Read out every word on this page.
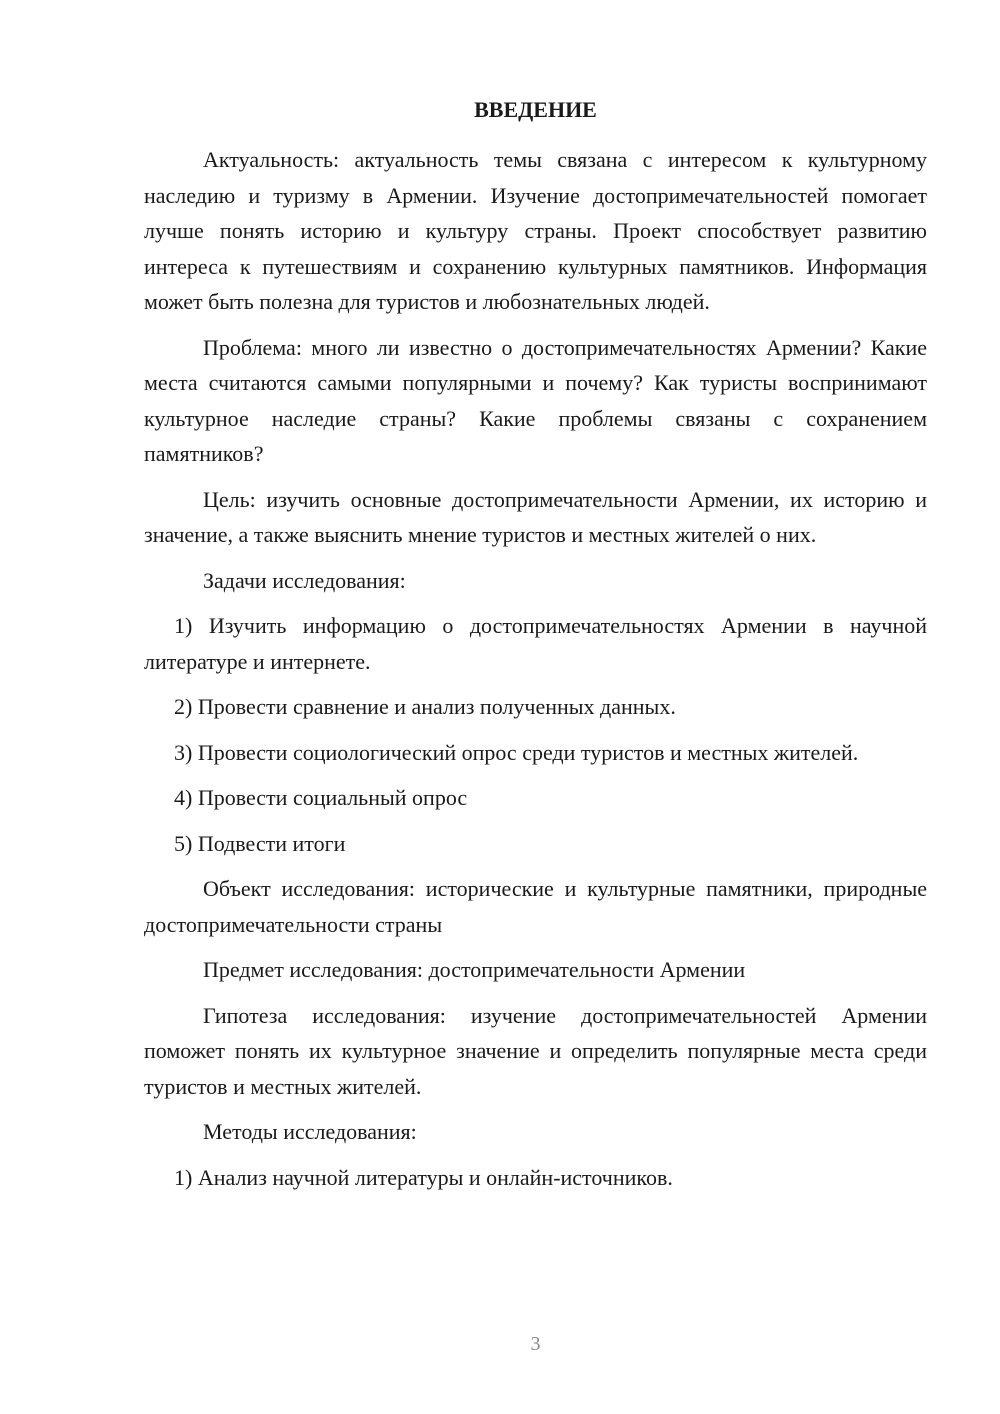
ВВЕДЕНИЕ

Актуальность: актуальность темы связана с интересом к культурному наследию и туризму в Армении. Изучение достопримечательностей помогает лучше понять историю и культуру страны. Проект способствует развитию интереса к путешествиям и сохранению культурных памятников. Информация может быть полезна для туристов и любознательных людей.

Проблема: много ли известно о достопримечательностях Армении? Какие места считаются самыми популярными и почему? Как туристы воспринимают культурное наследие страны? Какие проблемы связаны с сохранением памятников?

Цель: изучить основные достопримечательности Армении, их историю и значение, а также выяснить мнение туристов и местных жителей о них.

Задачи исследования:

1) Изучить информацию о достопримечательностях Армении в научной литературе и интернете.

2) Провести сравнение и анализ полученных данных.

3) Провести социологический опрос среди туристов и местных жителей.

4) Провести социальный опрос

5) Подвести итоги

Объект исследования: исторические и культурные памятники, природные достопримечательности страны

Предмет исследования: достопримечательности Армении

Гипотеза исследования: изучение достопримечательностей Армении поможет понять их культурное значение и определить популярные места среди туристов и местных жителей.

Методы исследования:

1) Анализ научной литературы и онлайн-источников.

3
